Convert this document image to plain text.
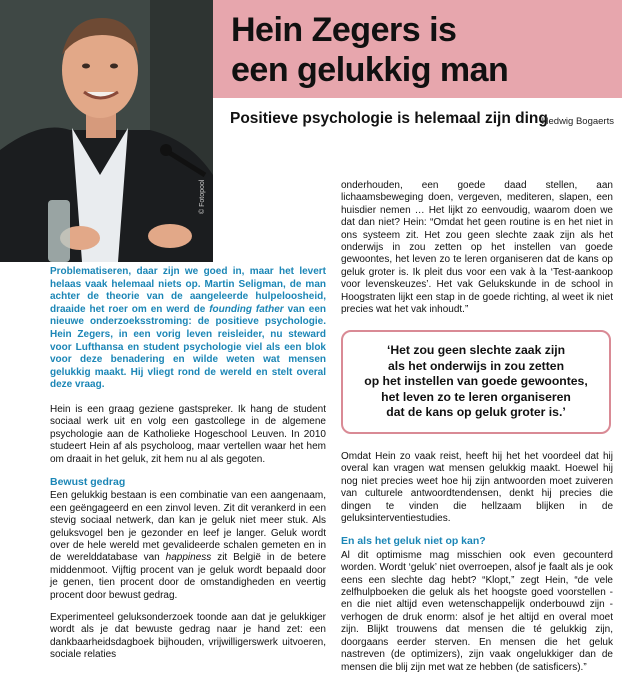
© Fotopool
Hein Zegers is
een gelukkig man
Positieve psychologie is helemaal zijn ding
Hedwig Bogaerts

Problematiseren, daar zijn we goed in, maar het levert helaas vaak helemaal niets op. Martin Seligman, de man achter de theorie van de aangeleerde hulpeloosheid, draaide het roer om en werd de founding father van een nieuwe onderzoeksstroming: de positieve psychologie. Hein Zegers, in een vorig leven reisleider, nu steward voor Lufthansa en student psychologie viel als een blok voor deze benadering en wilde weten wat mensen gelukkig maakt. Hij vliegt rond de wereld en stelt overal deze vraag.

Hein is een graag geziene gastspreker. Ik hang de student sociaal werk uit en volg een gastcollege in de algemene psychologie aan de Katholieke Hogeschool Leuven. In 2010 studeert Hein af als psycholoog, maar vertellen waar het hem om draait in het geluk, zit hem nu al als gegoten.

Bewust gedrag

Een gelukkig bestaan is een combinatie van een aangenaam, een geëngageerd en een zinvol leven. Zit dit verankerd in een stevig sociaal netwerk, dan kan je geluk niet meer stuk. Als geluksvogel ben je gezonder en leef je langer. Geluk wordt over de hele wereld met gevalideerde schalen gemeten en in de werelddatabase van happiness zit België in de betere middenmoot. Vijftig procent van je geluk wordt bepaald door je genen, tien procent door de omstandigheden en veertig procent door bewust gedrag.

Experimenteel geluksonderzoek toonde aan dat je gelukkiger wordt als je dat bewuste gedrag naar je hand zet: een dankbaarheidsdagboek bijhouden, vrijwilligerswerk uitvoeren, sociale relaties

onderhouden, een goede daad stellen, aan lichaamsbeweging doen, vergeven, mediteren, slapen, een huisdier nemen … Het lijkt zo eenvoudig, waarom doen we dat dan niet? Hein: “Omdat het geen routine is en het niet in ons systeem zit. Het zou geen slechte zaak zijn als het onderwijs in zou zetten op het instellen van goede gewoontes, het leven zo te leren organiseren dat de kans op geluk groter is. Ik pleit dus voor een vak à la ‘Test-aankoop voor levenskeuzes’. Het vak Gelukskunde in de school in Hoogstraten lijkt een stap in de goede richting, al weet ik niet precies wat het vak inhoudt.”

‘Het zou geen slechte zaak zijn
als het onderwijs in zou zetten
op het instellen van goede gewoontes,
het leven zo te leren organiseren
dat de kans op geluk groter is.’

Omdat Hein zo vaak reist, heeft hij het het voordeel dat hij overal kan vragen wat mensen gelukkig maakt. Hoewel hij nog niet precies weet hoe hij zijn antwoorden moet zuiveren van culturele antwoordtendensen, denkt hij precies die dingen te vinden die hellzaam blijken in de geluksinterventiestudies.

En als het geluk niet op kan?

Al dit optimisme mag misschien ook even gecounterd worden. Wordt ‘geluk’ niet overroepen, alsof je faalt als je ook eens een slechte dag hebt? “Klopt,” zegt Hein, “de vele zelfhulpboeken die geluk als het hoogste goed voorstellen - en die niet altijd even wetenschappelijk onderbouwd zijn - verhogen de druk enorm: alsof je het altijd en overal moet zijn. Blijkt trouwens dat mensen die té gelukkig zijn, doorgaans eerder sterven. En mensen die het geluk nastreven (de optimizers), zijn vaak ongelukkiger dan de mensen die blij zijn met wat ze hebben (de satisficers).”
